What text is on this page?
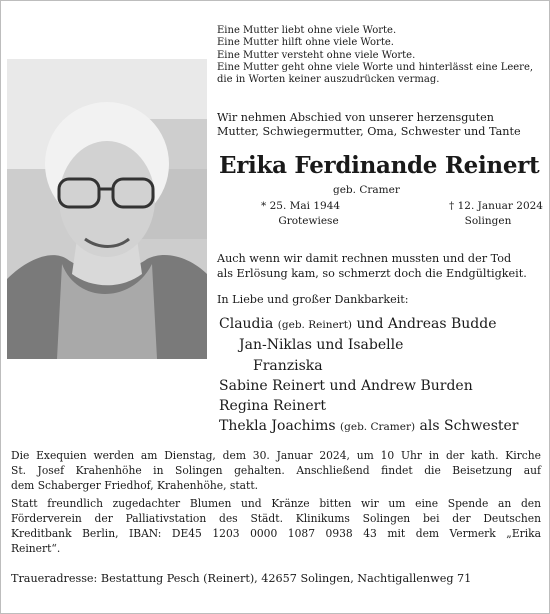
Eine Mutter liebt ohne viele Worte.
Eine Mutter hilft ohne viele Worte.
Eine Mutter versteht ohne viele Worte.
Eine Mutter geht ohne viele Worte und hinterlässt eine Leere,
die in Worten keiner auszudrücken vermag.
Wir nehmen Abschied von unserer herzensguten
Mutter, Schwiegermutter, Oma, Schwester und Tante
Erika Ferdinande Reinert
geb. Cramer
* 25. Mai 1944	† 12. Januar 2024
Grotewiese	Solingen
Auch wenn wir damit rechnen mussten und der Tod
als Erlösung kam, so schmerzt doch die Endgültigkeit.
In Liebe und großer Dankbarkeit:
Claudia (geb. Reinert) und Andreas Budde
Jan-Niklas und Isabelle
Franziska
Sabine Reinert und Andrew Burden
Regina Reinert
Thekla Joachims (geb. Cramer) als Schwester
Die Exequien werden am Dienstag, dem 30. Januar 2024, um 10 Uhr in der kath. Kirche
St. Josef Krahenhöhe in Solingen gehalten. Anschließend findet die Beisetzung auf
dem Schaberger Friedhof, Krahenhöhe, statt.
Statt freundlich zugedachter Blumen und Kränze bitten wir um eine Spende an den
Förderverein der Palliativstation des Städt. Klinikums Solingen bei der Deutschen
Kreditbank Berlin, IBAN: DE45 1203 0000 1087 0938 43 mit dem Vermerk „Erika
Reinert“.
Traueradresse: Bestattung Pesch (Reinert), 42657 Solingen, Nachtigallenweg 71
